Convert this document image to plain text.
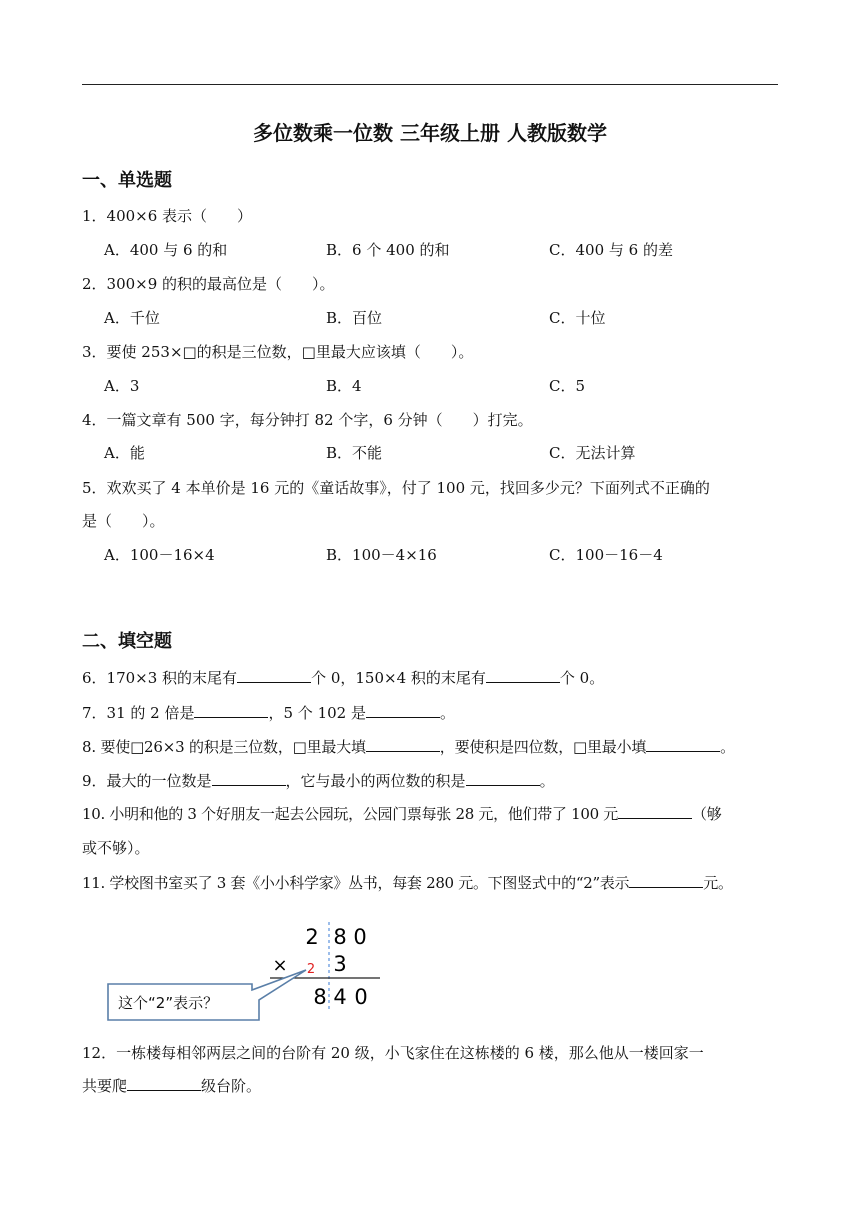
多位数乘一位数 三年级上册 人教版数学
一、单选题
1．400×6 表示（　　）
A．400 与 6 的和	B．6 个 400 的和	C．400 与 6 的差
2．300×9 的积的最高位是（　　）。
A．千位	B．百位	C．十位
3．要使 253×□的积是三位数，□里最大应该填（　　）。
A．3	B．4	C．5
4．一篇文章有 500 字，每分钟打 82 个字，6 分钟（　　）打完。
A．能	B．不能	C．无法计算
5．欢欢买了 4 本单价是 16 元的《童话故事》，付了 100 元，找回多少元？下面列式不正确的
是（　　）。
A．100－16×4	B．100－4×16	C．100－16－4
二、填空题
6．170×3 积的末尾有	个 0，150×4 积的末尾有	个 0。
7．31 的 2 倍是	，5 个 102 是	。
8. 要使□26×3 的积是三位数，□里最大填	，要使积是四位数，□里最小填	。
9．最大的一位数是	，它与最小的两位数的积是	。
10. 小明和他的 3 个好朋友一起去公园玩，公园门票每张 28 元，他们带了 100 元	（够
或不够）。
11. 学校图书室买了 3 套《小小科学家》丛书，每套 280 元。下图竖式中的“2”表示	元。
2 8 0
× 2 3
8 4 0
这个“2”表示？
12．一栋楼每相邻两层之间的台阶有 20 级，小飞家住在这栋楼的 6 楼，那么他从一楼回家一
共要爬	级台阶。
